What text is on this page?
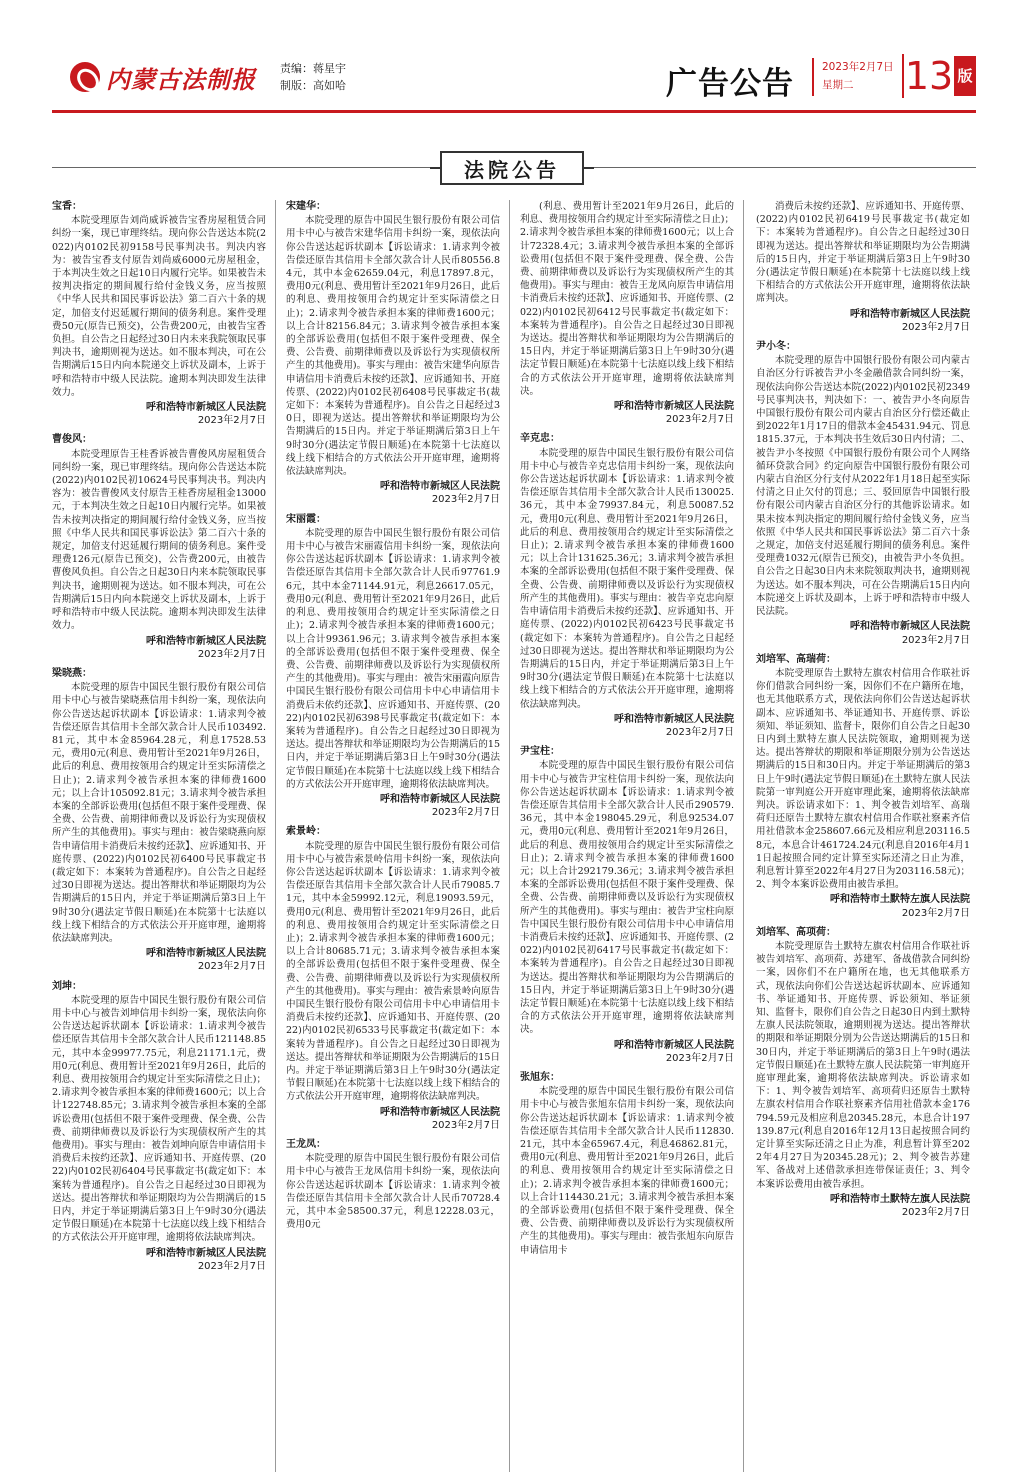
内蒙古法制报 责编：蒋星宇
制版：高如哈	广告公告	2023年2月7日
星期二	13 版
法院公告
宝香：
本院受理原告刘尚威诉被告宝香房屋租赁合同纠纷一案，现已审理终结。现向你公告送达本院(2022)内0102民初9158号民事判决书。判决内容为：被告宝香支付原告刘尚威6000元房屋租金，于本判决生效之日起10日内履行完毕。如果被告未按判决指定的期间履行给付金钱义务，应当按照《中华人民共和国民事诉讼法》第二百六十条的规定，加倍支付迟延履行期间的债务利息。案件受理费50元(原告已预交)，公告费200元，由被告宝香负担。自公告之日起经过30日内未来我院领取民事判决书，逾期则视为送达。如不服本判决，可在公告期满后15日内向本院递交上诉状及副本，上诉于呼和浩特市中级人民法院。逾期本判决即发生法律效力。
呼和浩特市新城区人民法院
2023年2月7日
曹俊风：
本院受理原告王桂香诉被告曹俊风房屋租赁合同纠纷一案，现已审理终结。现向你公告送达本院(2022)内0102民初10624号民事判决书。判决内容为：被告曹俊风支付原告王桂香房屋租金13000元，于本判决生效之日起10日内履行完毕。如果被告未按判决指定的期间履行给付金钱义务，应当按照《中华人民共和国民事诉讼法》第二百六十条的规定，加倍支付迟延履行期间的债务利息。案件受理费126元(原告已预交)，公告费200元，由被告曹俊风负担。自公告之日起30日内来本院领取民事判决书，逾期则视为送达。如不服本判决，可在公告期满后15日内向本院递交上诉状及副本，上诉于呼和浩特市中级人民法院。逾期本判决即发生法律效力。
呼和浩特市新城区人民法院
2023年2月7日
梁晓燕：
本院受理的原告中国民生银行股份有限公司信用卡中心与被告梁晓燕信用卡纠纷一案，现依法向你公告送达起诉状副本【诉讼请求：1.请求判令被告偿还原告其信用卡全部欠款合计人民币103492.81元，其中本金85964.28元，利息17528.53元，费用0元(利息、费用暂计至2021年9月26日，此后的利息、费用按领用合约规定计至实际清偿之日止)；2.请求判令被告承担本案的律师费1600元；以上合计105092.81元；3.请求判令被告承担本案的全部诉讼费用(包括但不限于案件受理费、保全费、公告费、前期律师费以及诉讼行为实现债权所产生的其他费用)。事实与理由：被告梁晓燕向原告申请信用卡消费后未按约还款】、应诉通知书、开庭传票、(2022)内0102民初6400号民事裁定书(裁定如下：本案转为普通程序)。自公告之日起经过30日即视为送达。提出答辩状和举证期限均为公告期满后的15日内，并定于举证期满后第3日上午9时30分(遇法定节假日顺延)在本院第十七法庭以线上线下相结合的方式依法公开开庭审理，逾期将依法缺席判决。
呼和浩特市新城区人民法院
2023年2月7日
刘坤：
本院受理的原告中国民生银行股份有限公司信用卡中心与被告刘坤信用卡纠纷一案，现依法向你公告送达起诉状副本【诉讼请求：1.请求判令被告偿还原告其信用卡全部欠款合计人民币121148.85元，其中本金99977.75元，利息21171.1元，费用0元(利息、费用暂计至2021年9月26日，此后的利息、费用按领用合约规定计至实际清偿之日止)；2.请求判令被告承担本案的律师费1600元；以上合计122748.85元；3.请求判令被告承担本案的全部诉讼费用(包括但不限于案件受理费、保全费、公告费、前期律师费以及诉讼行为实现债权所产生的其他费用)。事实与理由：被告刘坤向原告申请信用卡消费后未按约还款】、应诉通知书、开庭传票、(2022)内0102民初6404号民事裁定书(裁定如下：本案转为普通程序)。自公告之日起经过30日即视为送达。提出答辩状和举证期限均为公告期满后的15日内，并定于举证期满后第3日上午9时30分(遇法定节假日顺延)在本院第十七法庭以线上线下相结合的方式依法公开开庭审理，逾期将依法缺席判决。
呼和浩特市新城区人民法院
2023年2月7日
宋建华：
本院受理的原告中国民生银行股份有限公司信用卡中心与被告宋建华信用卡纠纷一案，现依法向你公告送达起诉状副本【诉讼请求：1.请求判令被告偿还原告其信用卡全部欠款合计人民币80556.84元，其中本金62659.04元，利息17897.8元，费用0元(利息、费用暂计至2021年9月26日，此后的利息、费用按领用合约规定计至实际清偿之日止)；2.请求判令被告承担本案的律师费1600元；以上合计82156.84元；3.请求判令被告承担本案的全部诉讼费用(包括但不限于案件受理费、保全费、公告费、前期律师费以及诉讼行为实现债权所产生的其他费用)。事实与理由：被告宋建华向原告申请信用卡消费后未按约还款】、应诉通知书、开庭传票、(2022)内0102民初6408号民事裁定书(裁定如下：本案转为普通程序)。自公告之日起经过30日，即视为送达。提出答辩状和举证期限均为公告期满后的15日内。并定于举证期满后第3日上午9时30分(遇法定节假日顺延)在本院第十七法庭以线上线下相结合的方式依法公开开庭审理，逾期将依法缺席判决。
呼和浩特市新城区人民法院
2023年2月7日
宋丽霞：
本院受理的原告中国民生银行股份有限公司信用卡中心与被告宋丽霞信用卡纠纷一案，现依法向你公告送达起诉状副本【诉讼请求：1.请求判令被告偿还原告其信用卡全部欠款合计人民币97761.96元，其中本金71144.91元，利息26617.05元，费用0元(利息、费用暂计至2021年9月26日，此后的利息、费用按领用合约规定计至实际清偿之日止)；2.请求判令被告承担本案的律师费1600元；以上合计99361.96元；3.请求判令被告承担本案的全部诉讼费用(包括但不限于案件受理费、保全费、公告费、前期律师费以及诉讼行为实现债权所产生的其他费用)。事实与理由：被告宋丽霞向原告中国民生银行股份有限公司信用卡中心申请信用卡消费后未依约还款】、应诉通知书、开庭传票、(2022)内0102民初6398号民事裁定书(裁定如下：本案转为普通程序)。自公告之日起经过30日即视为送达。提出答辩状和举证期限均为公告期满后的15日内，并定于举证期满后第3日上午9时30分(遇法定节假日顺延)在本院第十七法庭以线上线下相结合的方式依法公开开庭审理，逾期将依法缺席判决。
呼和浩特市新城区人民法院
2023年2月7日
索景岭：
本院受理的原告中国民生银行股份有限公司信用卡中心与被告索景岭信用卡纠纷一案，现依法向你公告送达起诉状副本【诉讼请求：1.请求判令被告偿还原告其信用卡全部欠款合计人民币79085.71元，其中本金59992.12元，利息19093.59元，费用0元(利息、费用暂计至2021年9月26日，此后的利息、费用按领用合约规定计至实际清偿之日止)；2.请求判令被告承担本案的律师费1600元；以上合计80685.71元；3.请求判令被告承担本案的全部诉讼费用(包括但不限于案件受理费、保全费、公告费、前期律师费以及诉讼行为实现债权所产生的其他费用)。事实与理由：被告索景岭向原告中国民生银行股份有限公司信用卡中心申请信用卡消费后未按约还款】、应诉通知书、开庭传票、(2022)内0102民初6533号民事裁定书(裁定如下：本案转为普通程序)。自公告之日起经过30日即视为送达。提出答辩状和举证期限为公告期满后的15日内。并定于举证期满后第3日上午9时30分(遇法定节假日顺延)在本院第十七法庭以线上线下相结合的方式依法公开开庭审理，逾期将依法缺席判决。
呼和浩特市新城区人民法院
2023年2月7日
王龙凤：
本院受理的原告中国民生银行股份有限公司信用卡中心与被告王龙凤信用卡纠纷一案，现依法向你公告送达起诉状副本【诉讼请求：1.请求判令被告偿还原告其信用卡全部欠款合计人民币70728.4元，其中本金58500.37元，利息12228.03元，费用0元
(利息、费用暂计至2021年9月26日，此后的利息、费用按领用合约规定计至实际清偿之日止)；2.请求判令被告承担本案的律师费1600元；以上合计72328.4元；3.请求判令被告承担本案的全部诉讼费用(包括但不限于案件受理费、保全费、公告费、前期律师费以及诉讼行为实现债权所产生的其他费用)。事实与理由：被告王龙凤向原告申请信用卡消费后未按约还款】、应诉通知书、开庭传票、(2022)内0102民初6412号民事裁定书(裁定如下：本案转为普通程序)。自公告之日起经过30日即视为送达。提出答辩状和举证期限均为公告期满后的15日内，并定于举证期满后第3日上午9时30分(遇法定节假日顺延)在本院第十七法庭以线上线下相结合的方式依法公开开庭审理，逾期将依法缺席判决。
呼和浩特市新城区人民法院
2023年2月7日
辛克忠：
本院受理的原告中国民生银行股份有限公司信用卡中心与被告辛克忠信用卡纠纷一案，现依法向你公告送达起诉状副本【诉讼请求：1.请求判令被告偿还原告其信用卡全部欠款合计人民币130025.36元，其中本金79937.84元，利息50087.52元，费用0元(利息、费用暂计至2021年9月26日，此后的利息、费用按领用合约规定计至实际清偿之日止)；2.请求判令被告承担本案的律师费1600元；以上合计131625.36元；3.请求判令被告承担本案的全部诉讼费用(包括但不限于案件受理费、保全费、公告费、前期律师费以及诉讼行为实现债权所产生的其他费用)。事实与理由：被告辛克忠向原告申请信用卡消费后未按约还款】、应诉通知书、开庭传票、(2022)内0102民初6423号民事裁定书(裁定如下：本案转为普通程序)。自公告之日起经过30日即视为送达。提出答辩状和举证期限均为公告期满后的15日内，并定于举证期满后第3日上午9时30分(遇法定节假日顺延)在本院第十七法庭以线上线下相结合的方式依法公开开庭审理，逾期将依法缺席判决。
呼和浩特市新城区人民法院
2023年2月7日
尹宝柱：
本院受理的原告中国民生银行股份有限公司信用卡中心与被告尹宝柱信用卡纠纷一案，现依法向你公告送达起诉状副本【诉讼请求：1.请求判令被告偿还原告其信用卡全部欠款合计人民币290579.36元，其中本金198045.29元，利息92534.07元，费用0元(利息、费用暂计至2021年9月26日，此后的利息、费用按领用合约规定计至实际清偿之日止)；2.请求判令被告承担本案的律师费1600元；以上合计292179.36元；3.请求判令被告承担本案的全部诉讼费用(包括但不限于案件受理费、保全费、公告费、前期律师费以及诉讼行为实现债权所产生的其他费用)。事实与理由：被告尹宝柱向原告中国民生银行股份有限公司信用卡中心申请信用卡消费后未按约还款】、应诉通知书、开庭传票、(2022)内0102民初6417号民事裁定书(裁定如下：本案转为普通程序)。自公告之日起经过30日即视为送达。提出答辩状和举证期限均为公告期满后的15日内，并定于举证期满后第3日上午9时30分(遇法定节假日顺延)在本院第十七法庭以线上线下相结合的方式依法公开开庭审理，逾期将依法缺席判决。
呼和浩特市新城区人民法院
2023年2月7日
张旭东：
本院受理的原告中国民生银行股份有限公司信用卡中心与被告张旭东信用卡纠纷一案，现依法向你公告送达起诉状副本【诉讼请求：1.请求判令被告偿还原告其信用卡全部欠款合计人民币112830.21元，其中本金65967.4元，利息46862.81元，费用0元(利息、费用暂计至2021年9月26日，此后的利息、费用按领用合约规定计至实际清偿之日止)；2.请求判令被告承担本案的律师费1600元；以上合计114430.21元；3.请求判令被告承担本案的全部诉讼费用(包括但不限于案件受理费、保全费、公告费、前期律师费以及诉讼行为实现债权所产生的其他费用)。事实与理由：被告张旭东向原告申请信用卡
消费后未按约还款】、应诉通知书、开庭传票、(2022)内0102民初6419号民事裁定书(裁定如下：本案转为普通程序)。自公告之日起经过30日即视为送达。提出答辩状和举证期限均为公告期满后的15日内，并定于举证期满后第3日上午9时30分(遇法定节假日顺延)在本院第十七法庭以线上线下相结合的方式依法公开开庭审理，逾期将依法缺席判决。
呼和浩特市新城区人民法院
2023年2月7日
尹小冬：
本院受理的原告中国银行股份有限公司内蒙古自治区分行诉被告尹小冬金融借款合同纠纷一案，现依法向你公告送达本院(2022)内0102民初2349号民事判决书，判决如下：一、被告尹小冬向原告中国银行股份有限公司内蒙古自治区分行偿还截止到2022年1月17日的借款本金45431.94元、罚息1815.37元，于本判决书生效后30日内付清；二、被告尹小冬按照《中国银行股份有限公司个人网络循环贷款合同》约定向原告中国银行股份有限公司内蒙古自治区分行支付从2022年1月18日起至实际付清之日止欠付的罚息；三、驳回原告中国银行股份有限公司内蒙古自治区分行的其他诉讼请求。如果未按本判决指定的期间履行给付金钱义务，应当依照《中华人民共和国民事诉讼法》第二百六十条之规定，加倍支付迟延履行期间的债务利息。案件受理费1032元(原告已预交)，由被告尹小冬负担。自公告之日起30日内未来院领取判决书，逾期则视为送达。如不服本判决，可在公告期满后15日内向本院递交上诉状及副本，上诉于呼和浩特市中级人民法院。
呼和浩特市新城区人民法院
2023年2月7日
刘培军、高瑞荷：
本院受理原告土默特左旗农村信用合作联社诉你们借款合同纠纷一案，因你们不在户籍所在地，也无其他联系方式，现依法向你们公告送达起诉状副本、应诉通知书、举证通知书、开庭传票、诉讼须知、举证须知、监督卡，限你们自公告之日起30日内到土默特左旗人民法院领取，逾期则视为送达。提出答辩状的期限和举证期限分别为公告送达期满后的15日和30日内。并定于举证期满后的第3日上午9时(遇法定节假日顺延)在土默特左旗人民法院第一审判庭公开开庭审理此案，逾期将依法缺席判决。诉讼请求如下：1、判令被告刘培军、高瑞荷归还原告土默特左旗农村信用合作联社察素齐信用社借款本金258607.66元及相应利息203116.58元，本息合计461724.24元(利息自2016年4月11日起按照合同约定计算至实际还清之日止为准，利息暂计算至2022年4月27日为203116.58元)；2、判令本案诉讼费用由被告承担。
呼和浩特市土默特左旗人民法院
2023年2月7日
刘培军、高项荷：
本院受理原告土默特左旗农村信用合作联社诉被告刘培军、高项荷、苏建军、备战借款合同纠纷一案，因你们不在户籍所在地，也无其他联系方式，现依法向你们公告送达起诉状副本、应诉通知书、举证通知书、开庭传票、诉讼须知、举证须知、监督卡，限你们自公告之日起30日内到土默特左旗人民法院领取，逾期则视为送达。提出答辩状的期限和举证期限分别为公告送达期满后的15日和30日内，并定于举证期满后的第3日上午9时(遇法定节假日顺延)在土默特左旗人民法院第一审判庭开庭审理此案，逾期将依法缺席判决。诉讼请求如下：1、判令被告刘培军、高项荷归还原告土默特左旗农村信用合作联社察素齐信用社借款本金176794.59元及相应利息20345.28元，本息合计197139.87元(利息自2016年12月13日起按照合同约定计算至实际还清之日止为准，利息暂计算至2022年4月27日为20345.28元)；2、判令被告苏建军、备战对上述借款承担连带保证责任；3、判令本案诉讼费用由被告承担。
呼和浩特市土默特左旗人民法院
2023年2月7日
